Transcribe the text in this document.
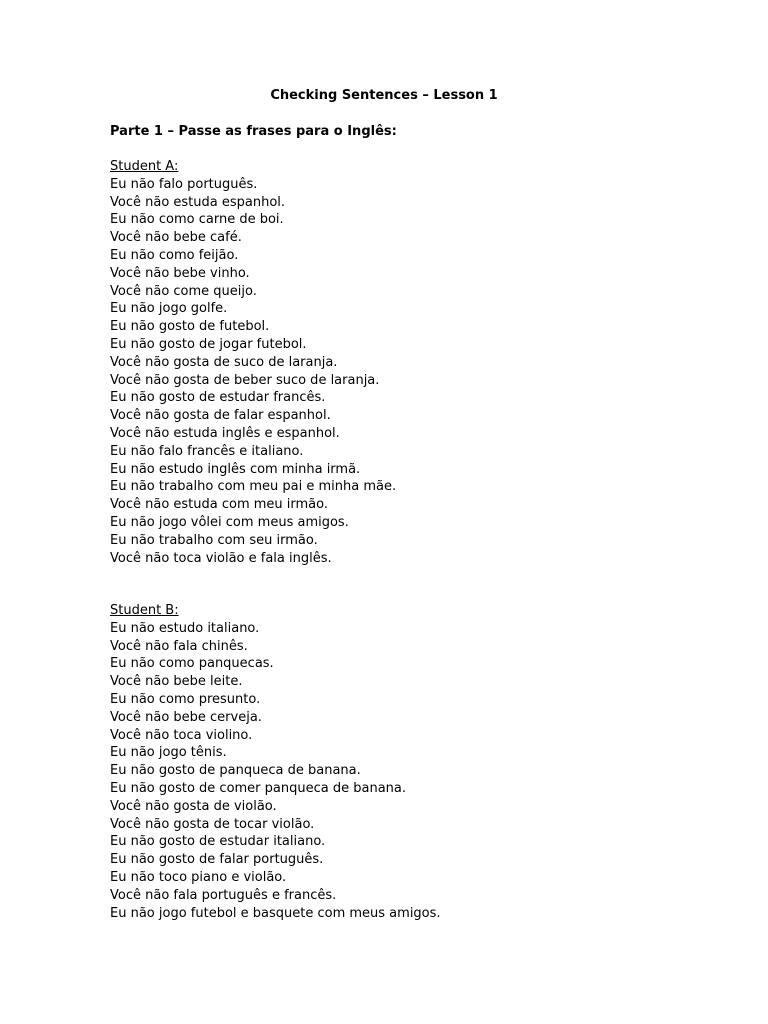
Checking Sentences – Lesson 1
Parte 1 – Passe as frases para o Inglês:
Student A:
Eu não falo português.
Você não estuda espanhol.
Eu não como carne de boi.
Você não bebe café.
Eu não como feijão.
Você não bebe vinho.
Você não come queijo.
Eu não jogo golfe.
Eu não gosto de futebol.
Eu não gosto de jogar futebol.
Você não gosta de suco de laranja.
Você não gosta de beber suco de laranja.
Eu não gosto de estudar francês.
Você não gosta de falar espanhol.
Você não estuda inglês e espanhol.
Eu não falo francês e italiano.
Eu não estudo inglês com minha irmã.
Eu não trabalho com meu pai e minha mãe.
Você não estuda com meu irmão.
Eu não jogo vôlei com meus amigos.
Eu não trabalho com seu irmão.
Você não toca violão e fala inglês.
Student B:
Eu não estudo italiano.
Você não fala chinês.
Eu não como panquecas.
Você não bebe leite.
Eu não como presunto.
Você não bebe cerveja.
Você não toca violino.
Eu não jogo tênis.
Eu não gosto de panqueca de banana.
Eu não gosto de comer panqueca de banana.
Você não gosta de violão.
Você não gosta de tocar violão.
Eu não gosto de estudar italiano.
Eu não gosto de falar português.
Eu não toco piano e violão.
Você não fala português e francês.
Eu não jogo futebol e basquete com meus amigos.
